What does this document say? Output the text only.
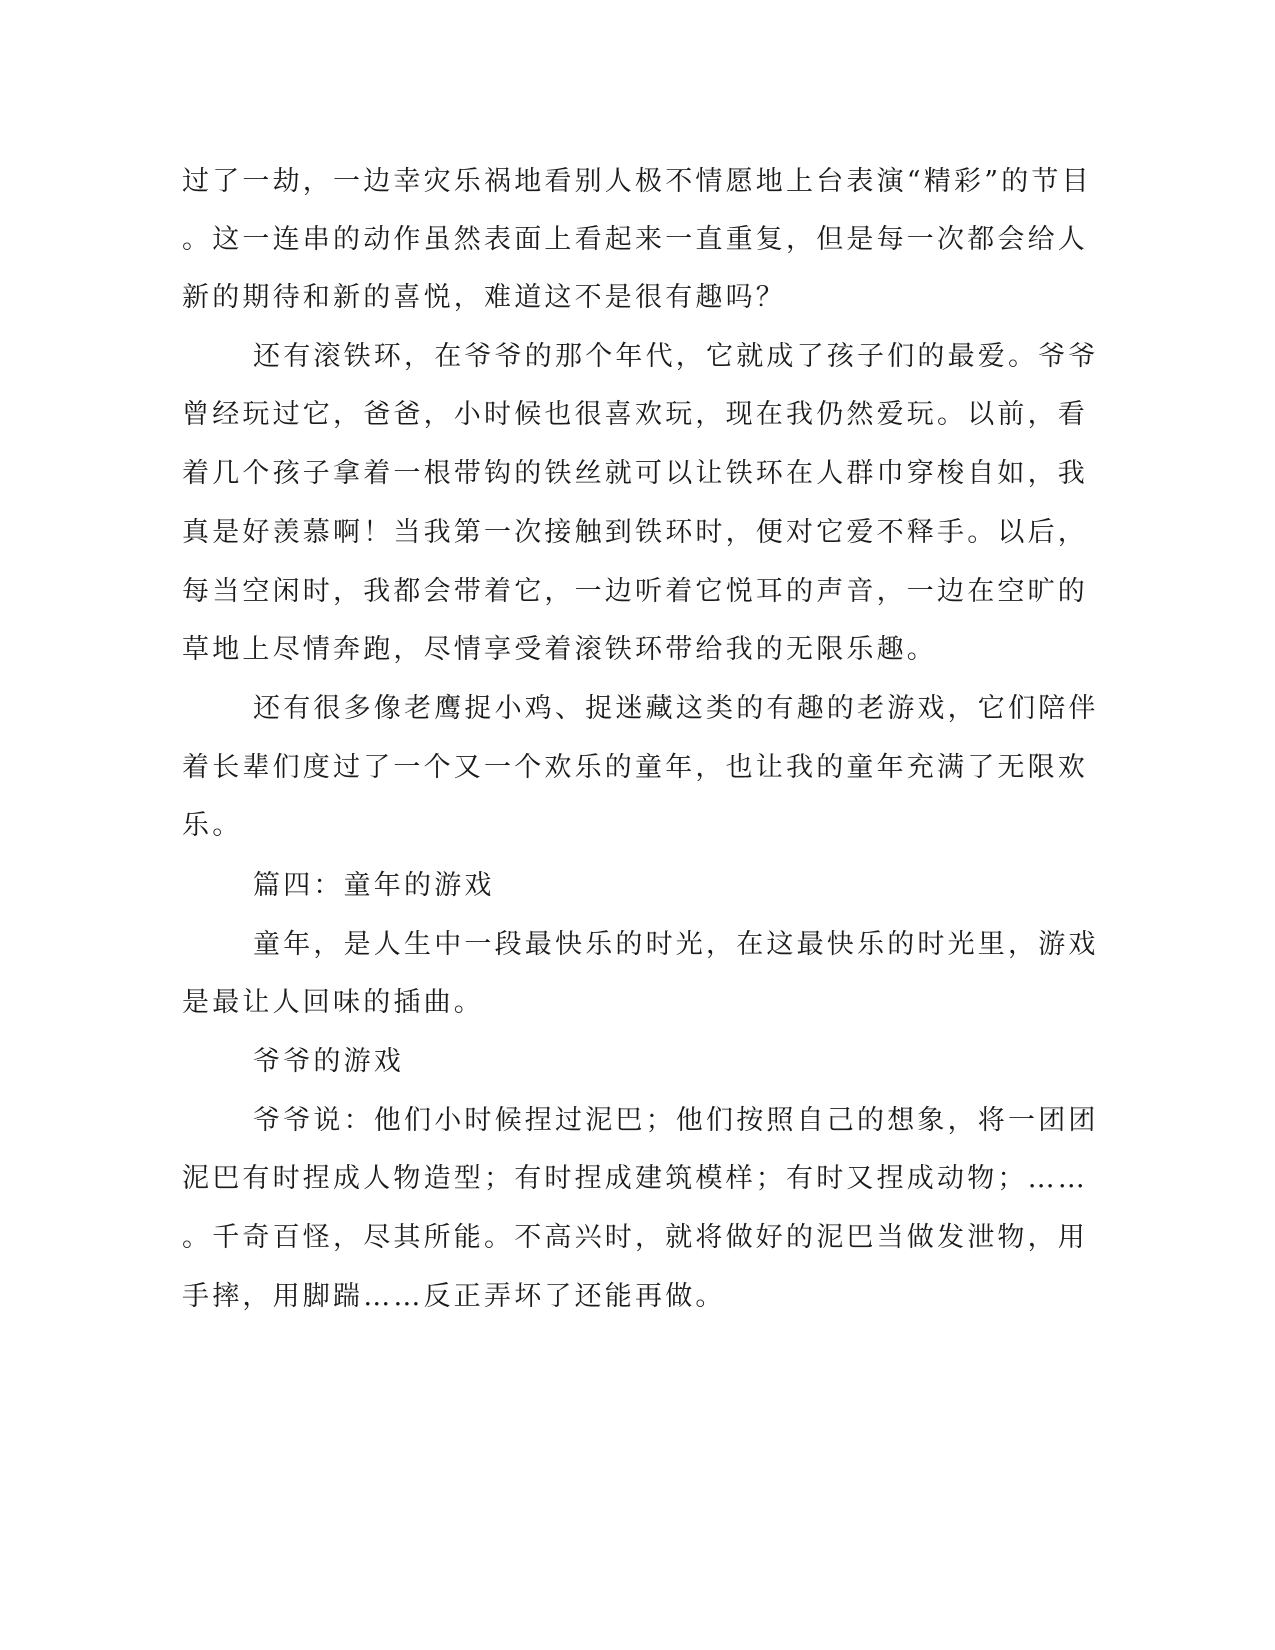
过了一劫，一边幸灾乐祸地看别人极不情愿地上台表演“精彩”的节目
。这一连串的动作虽然表面上看起来一直重复，但是每一次都会给人
新的期待和新的喜悦，难道这不是很有趣吗？
还有滚铁环，在爷爷的那个年代，它就成了孩子们的最爱。爷爷
曾经玩过它，爸爸，小时候也很喜欢玩，现在我仍然爱玩。以前，看
着几个孩子拿着一根带钩的铁丝就可以让铁环在人群巾穿梭自如，我
真是好羡慕啊！当我第一次接触到铁环时，便对它爱不释手。以后，
每当空闲时，我都会带着它，一边听着它悦耳的声音，一边在空旷的
草地上尽情奔跑，尽情享受着滚铁环带给我的无限乐趣。
还有很多像老鹰捉小鸡、捉迷藏这类的有趣的老游戏，它们陪伴
着长辈们度过了一个又一个欢乐的童年，也让我的童年充满了无限欢
乐。
篇四：童年的游戏
童年，是人生中一段最快乐的时光，在这最快乐的时光里，游戏
是最让人回味的插曲。
爷爷的游戏
爷爷说：他们小时候捏过泥巴；他们按照自己的想象，将一团团
泥巴有时捏成人物造型；有时捏成建筑模样；有时又捏成动物；……
。千奇百怪，尽其所能。不高兴时，就将做好的泥巴当做发泄物，用
手摔，用脚踹……反正弄坏了还能再做。
